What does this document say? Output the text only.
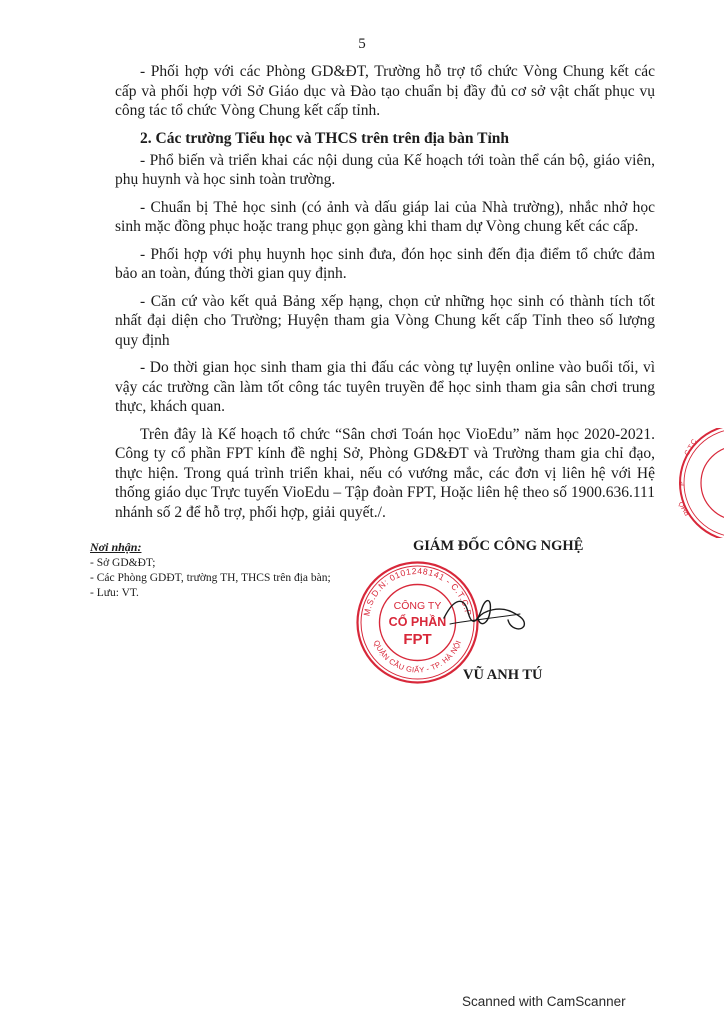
5

- Phối hợp với các Phòng GD&ĐT, Trường hỗ trợ tổ chức Vòng Chung kết các cấp và phối hợp với Sở Giáo dục và Đào tạo chuẩn bị đầy đủ cơ sở vật chất phục vụ công tác tổ chức Vòng Chung kết cấp tỉnh.

2. Các trường Tiểu học và THCS trên trên địa bàn Tỉnh

- Phổ biến và triển khai các nội dung của Kế hoạch tới toàn thể cán bộ, giáo viên, phụ huynh và học sinh toàn trường.

- Chuẩn bị Thẻ học sinh (có ảnh và dấu giáp lai của Nhà trường), nhắc nhở học sinh mặc đồng phục hoặc trang phục gọn gàng khi tham dự Vòng chung kết các cấp.

- Phối hợp với phụ huynh học sinh đưa, đón học sinh đến địa điểm tổ chức đảm bảo an toàn, đúng thời gian quy định.

- Căn cứ vào kết quả Bảng xếp hạng, chọn cử những học sinh có thành tích tốt nhất đại diện cho Trường; Huyện tham gia Vòng Chung kết cấp Tỉnh theo số lượng quy định

- Do thời gian học sinh tham gia thi đấu các vòng tự luyện online vào buổi tối, vì vậy các trường cần làm tốt công tác tuyên truyền để học sinh tham gia sân chơi trung thực, khách quan.

Trên đây là Kế hoạch tổ chức “Sân chơi Toán học VioEdu” năm học 2020-2021. Công ty cổ phần FPT kính đề nghị Sở, Phòng GD&ĐT và Trường tham gia chỉ đạo, thực hiện. Trong quá trình triển khai, nếu có vướng mắc, các đơn vị liên hệ với Hệ thống giáo dục Trực tuyến VioEdu – Tập đoàn FPT, Hoặc liên hệ theo số 1900.636.111 nhánh số 2 để hỗ trợ, phối hợp, giải quyết./.

Nơi nhận:
- Sở GD&ĐT;
- Các Phòng GDĐT, trường TH, THCS trên địa bàn;
- Lưu: VT.
GIÁM ĐỐC CÔNG NGHỆ
M.S.D.N: 0101248141 - C.T.C.P
QUẬN CẦU GIẤY - TP. HÀ NỘI
CÔNG TY
CỔ PHẦN
FPT
VŨ ANH TÚ
C.T.C
P
PHÓ
Scanned with CamScanner
